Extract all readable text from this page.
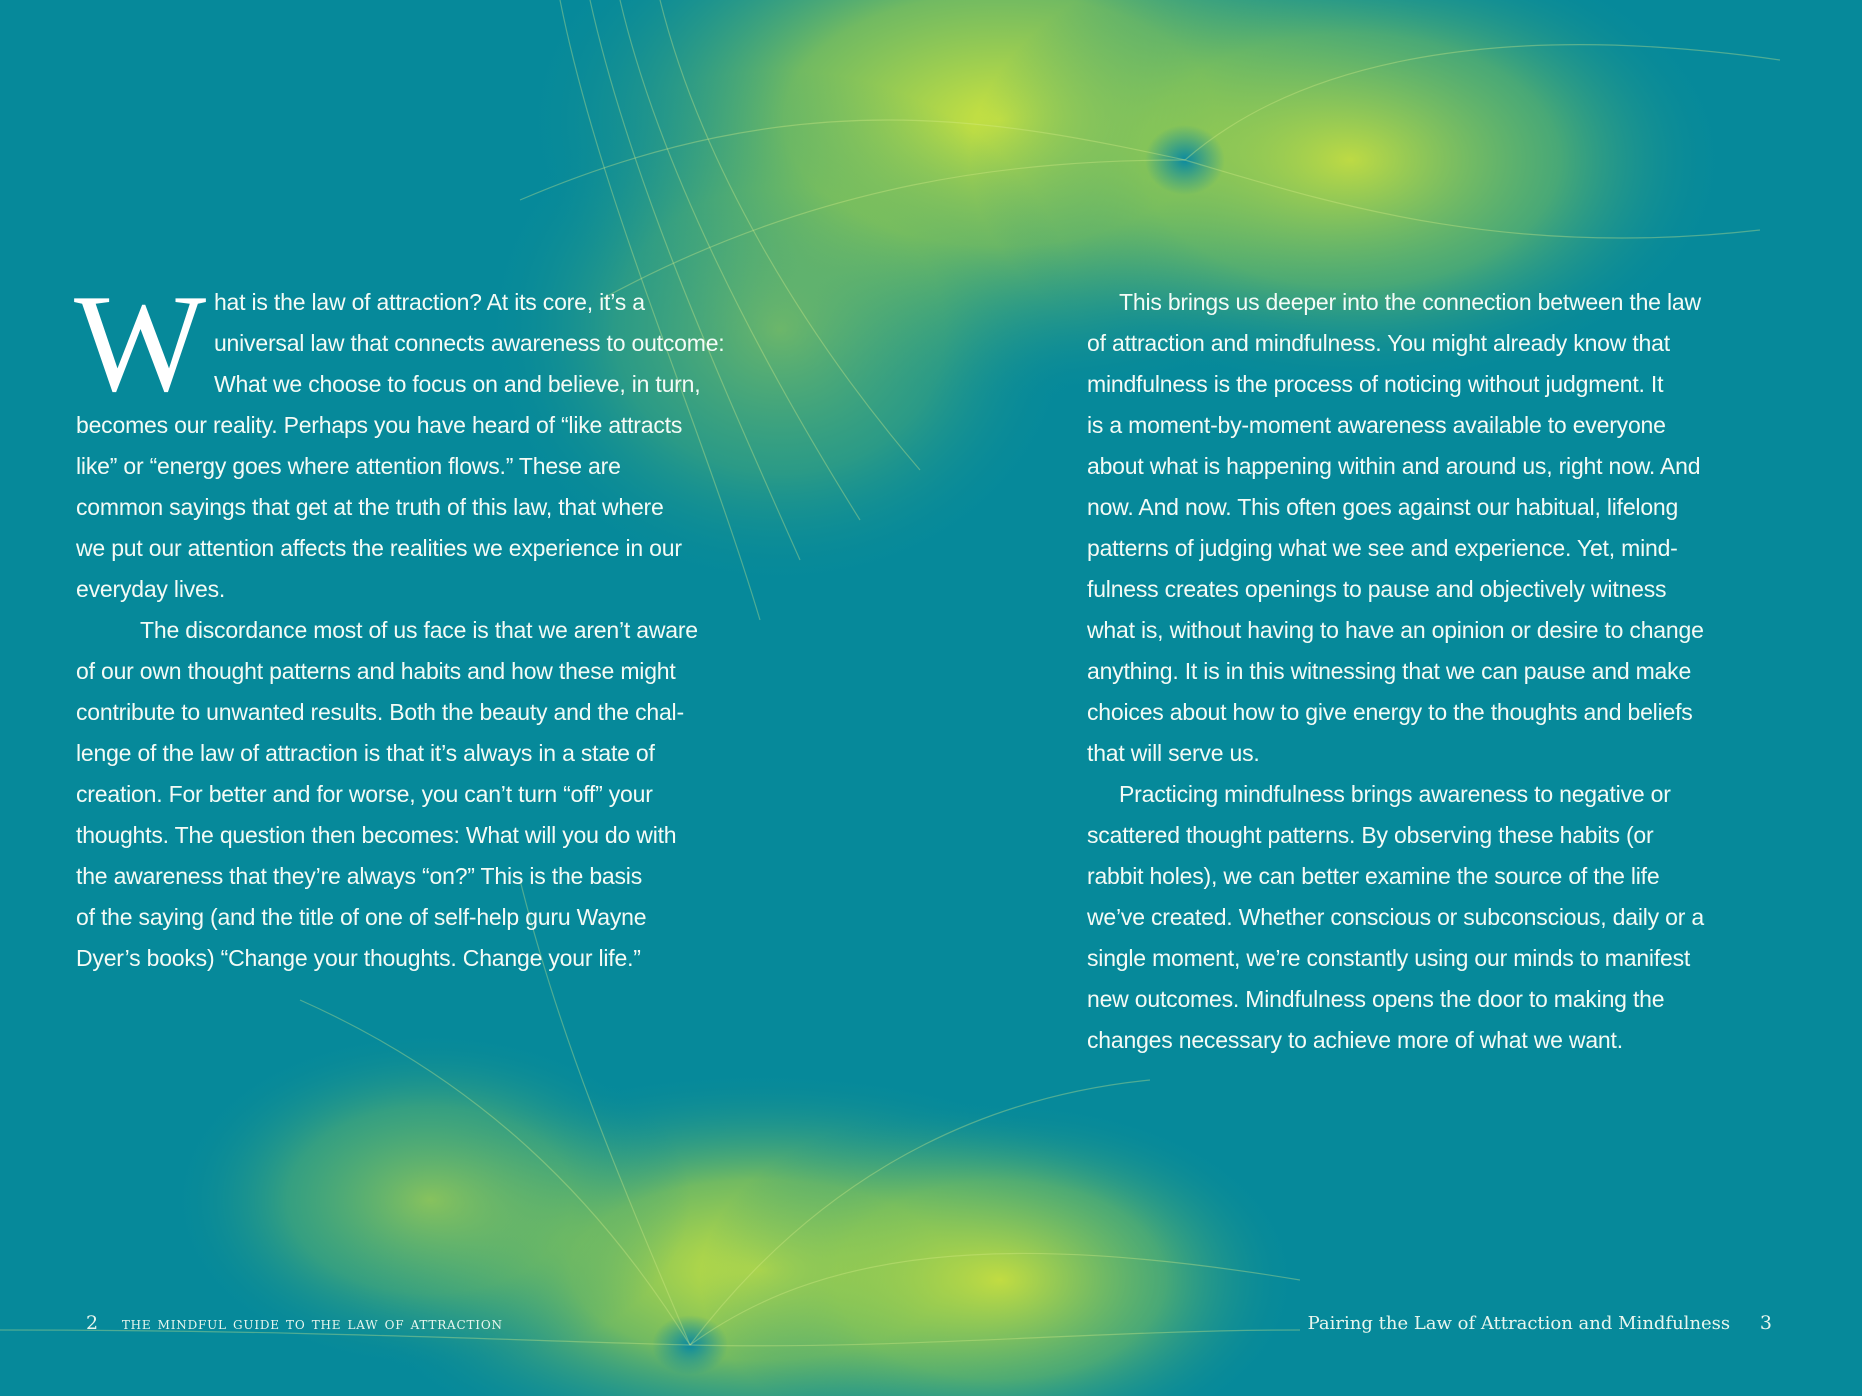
W hat is the law of attraction? At its core, it’s a
universal law that connects awareness to outcome:
What we choose to focus on and believe, in turn,
becomes our reality. Perhaps you have heard of “like attracts
like” or “energy goes where attention flows.” These are
common sayings that get at the truth of this law, that where
we put our attention affects the realities we experience in our
everyday lives.

The discordance most of us face is that we aren’t aware
of our own thought patterns and habits and how these might
contribute to unwanted results. Both the beauty and the chal-
lenge of the law of attraction is that it’s always in a state of
creation. For better and for worse, you can’t turn “off” your
thoughts. The question then becomes: What will you do with
the awareness that they’re always “on?” This is the basis
of the saying (and the title of one of self-help guru Wayne
Dyer’s books) “Change your thoughts. Change your life.”

2 the mindful guide to the law of attraction

This brings us deeper into the connection between the law
of attraction and mindfulness. You might already know that
mindfulness is the process of noticing without judgment. It
is a moment-by-moment awareness available to everyone
about what is happening within and around us, right now. And
now. And now. This often goes against our habitual, lifelong
patterns of judging what we see and experience. Yet, mind-
fulness creates openings to pause and objectively witness
what is, without having to have an opinion or desire to change
anything. It is in this witnessing that we can pause and make
choices about how to give energy to the thoughts and beliefs
that will serve us.

Practicing mindfulness brings awareness to negative or
scattered thought patterns. By observing these habits (or
rabbit holes), we can better examine the source of the life
we’ve created. Whether conscious or subconscious, daily or a
single moment, we’re constantly using our minds to manifest
new outcomes. Mindfulness opens the door to making the
changes necessary to achieve more of what we want.

Pairing the Law of Attraction and Mindfulness 3
